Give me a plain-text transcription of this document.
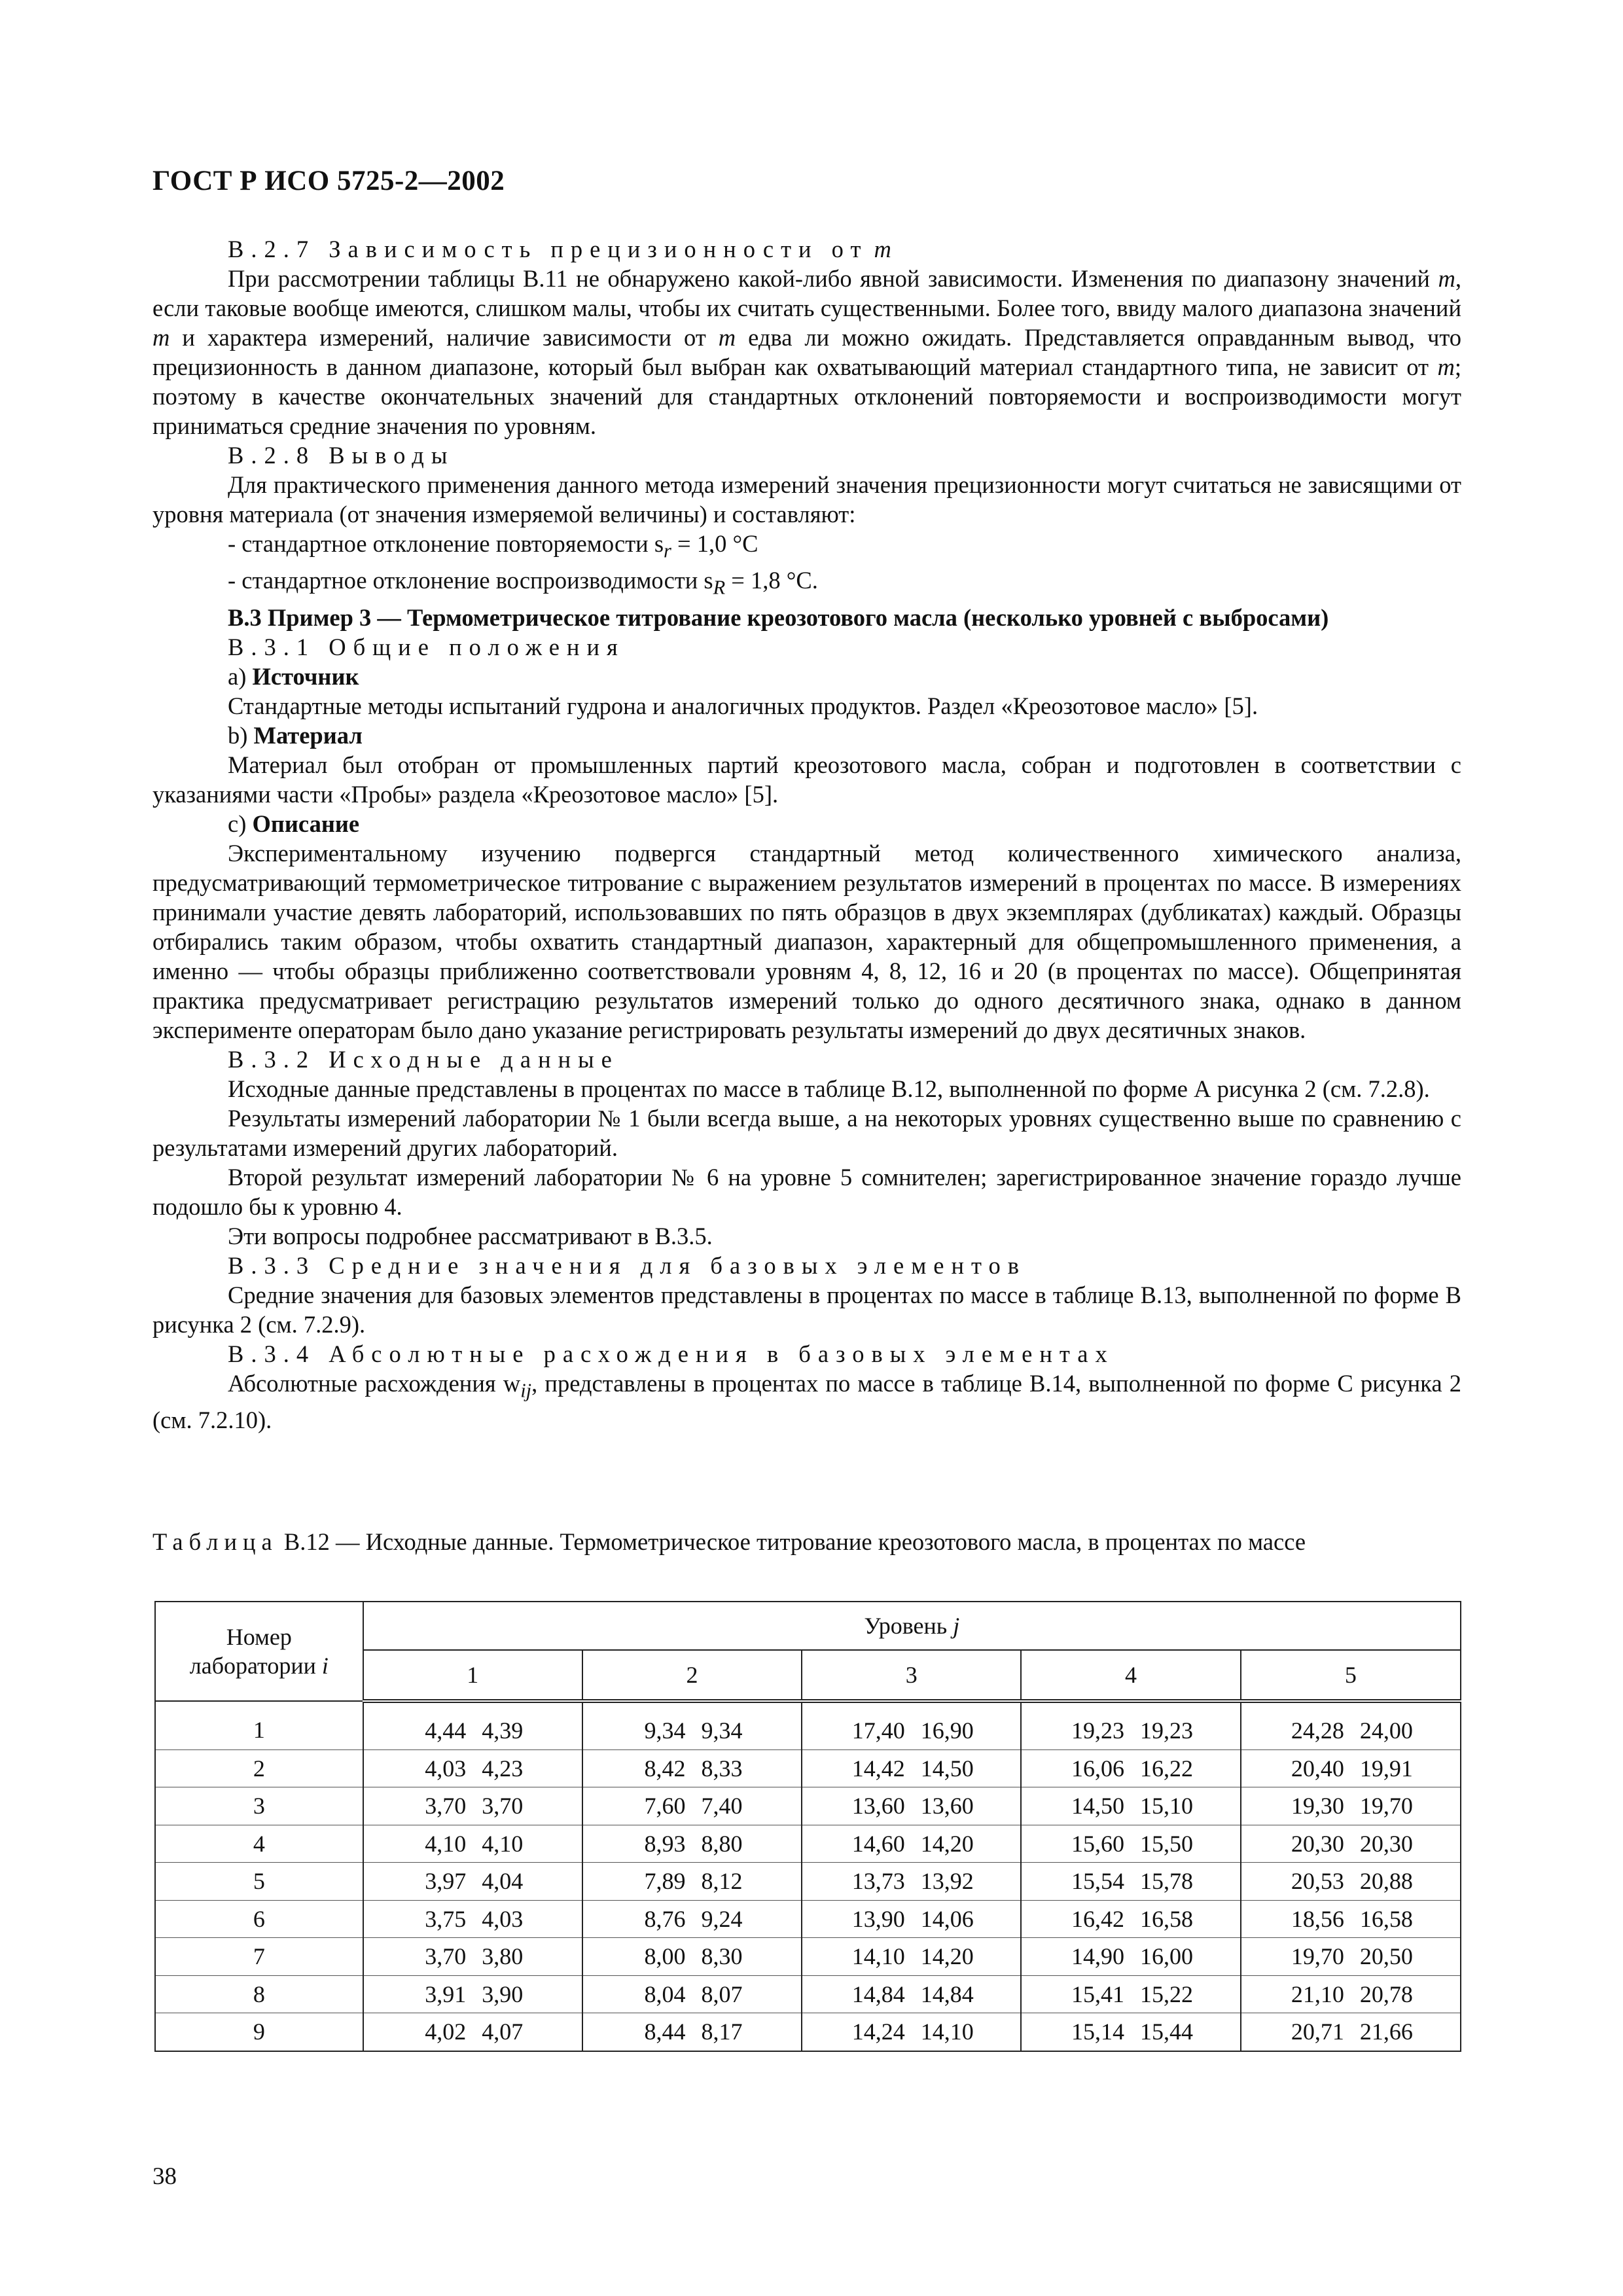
ГОСТ Р ИСО 5725-2—2002

В.2.7 Зависимость прецизионности от m

При рассмотрении таблицы В.11 не обнаружено какой-либо явной зависимости. Изменения по диапазону значений m, если таковые вообще имеются, слишком малы, чтобы их считать существенными. Более того, ввиду малого диапазона значений m и характера измерений, наличие зависимости от m едва ли можно ожидать. Представляется оправданным вывод, что прецизионность в данном диапазоне, который был выбран как охватывающий материал стандартного типа, не зависит от m; поэтому в качестве окончательных значений для стандартных отклонений повторяемости и воспроизводимости могут приниматься средние значения по уровням.

В.2.8 Выводы

Для практического применения данного метода измерений значения прецизионности могут считаться не зависящими от уровня материала (от значения измеряемой величины) и составляют:

- стандартное отклонение повторяемости $s_r = 1,0$ °C

- стандартное отклонение воспроизводимости $s_R = 1,8$ °C.

В.3 Пример 3 — Термометрическое титрование креозотового масла (несколько уровней с выбросами)

В.3.1 Общие положения

a) Источник

Стандартные методы испытаний гудрона и аналогичных продуктов. Раздел «Креозотовое масло» [5].

b) Материал

Материал был отобран от промышленных партий креозотового масла, собран и подготовлен в соответствии с указаниями части «Пробы» раздела «Креозотовое масло» [5].

c) Описание

Экспериментальному изучению подвергся стандартный метод количественного химического анализа, предусматривающий термометрическое титрование с выражением результатов измерений в процентах по массе. В измерениях принимали участие девять лабораторий, использовавших по пять образцов в двух экземплярах (дубликатах) каждый. Образцы отбирались таким образом, чтобы охватить стандартный диапазон, характерный для общепромышленного применения, а именно — чтобы образцы приближенно соответствовали уровням 4, 8, 12, 16 и 20 (в процентах по массе). Общепринятая практика предусматривает регистрацию результатов измерений только до одного десятичного знака, однако в данном эксперименте операторам было дано указание регистрировать результаты измерений до двух десятичных знаков.

В.3.2 Исходные данные

Исходные данные представлены в процентах по массе в таблице В.12, выполненной по форме А рисунка 2 (см. 7.2.8).

Результаты измерений лаборатории № 1 были всегда выше, а на некоторых уровнях существенно выше по сравнению с результатами измерений других лабораторий.

Второй результат измерений лаборатории № 6 на уровне 5 сомнителен; зарегистрированное значение гораздо лучше подошло бы к уровню 4.

Эти вопросы подробнее рассматривают в В.3.5.

В.3.3 Средние значения для базовых элементов

Средние значения для базовых элементов представлены в процентах по массе в таблице В.13, выполненной по форме В рисунка 2 (см. 7.2.9).

В.3.4 Абсолютные расхождения в базовых элементах

Абсолютные расхождения $w_{ij}$, представлены в процентах по массе в таблице В.14, выполненной по форме С рисунка 2 (см. 7.2.10).

Таблица В.12 — Исходные данные. Термометрическое титрование креозотового масла, в процентах по массе
Номер
лаборатории i	Уровень j				
	1	2	3	4	5
1	4,44 4,39	9,34 9,34	17,40 16,90	19,23 19,23	24,28 24,00
2	4,03 4,23	8,42 8,33	14,42 14,50	16,06 16,22	20,40 19,91
3	3,70 3,70	7,60 7,40	13,60 13,60	14,50 15,10	19,30 19,70
4	4,10 4,10	8,93 8,80	14,60 14,20	15,60 15,50	20,30 20,30
5	3,97 4,04	7,89 8,12	13,73 13,92	15,54 15,78	20,53 20,88
6	3,75 4,03	8,76 9,24	13,90 14,06	16,42 16,58	18,56 16,58
7	3,70 3,80	8,00 8,30	14,10 14,20	14,90 16,00	19,70 20,50
8	3,91 3,90	8,04 8,07	14,84 14,84	15,41 15,22	21,10 20,78
9	4,02 4,07	8,44 8,17	14,24 14,10	15,14 15,44	20,71 21,66
38
